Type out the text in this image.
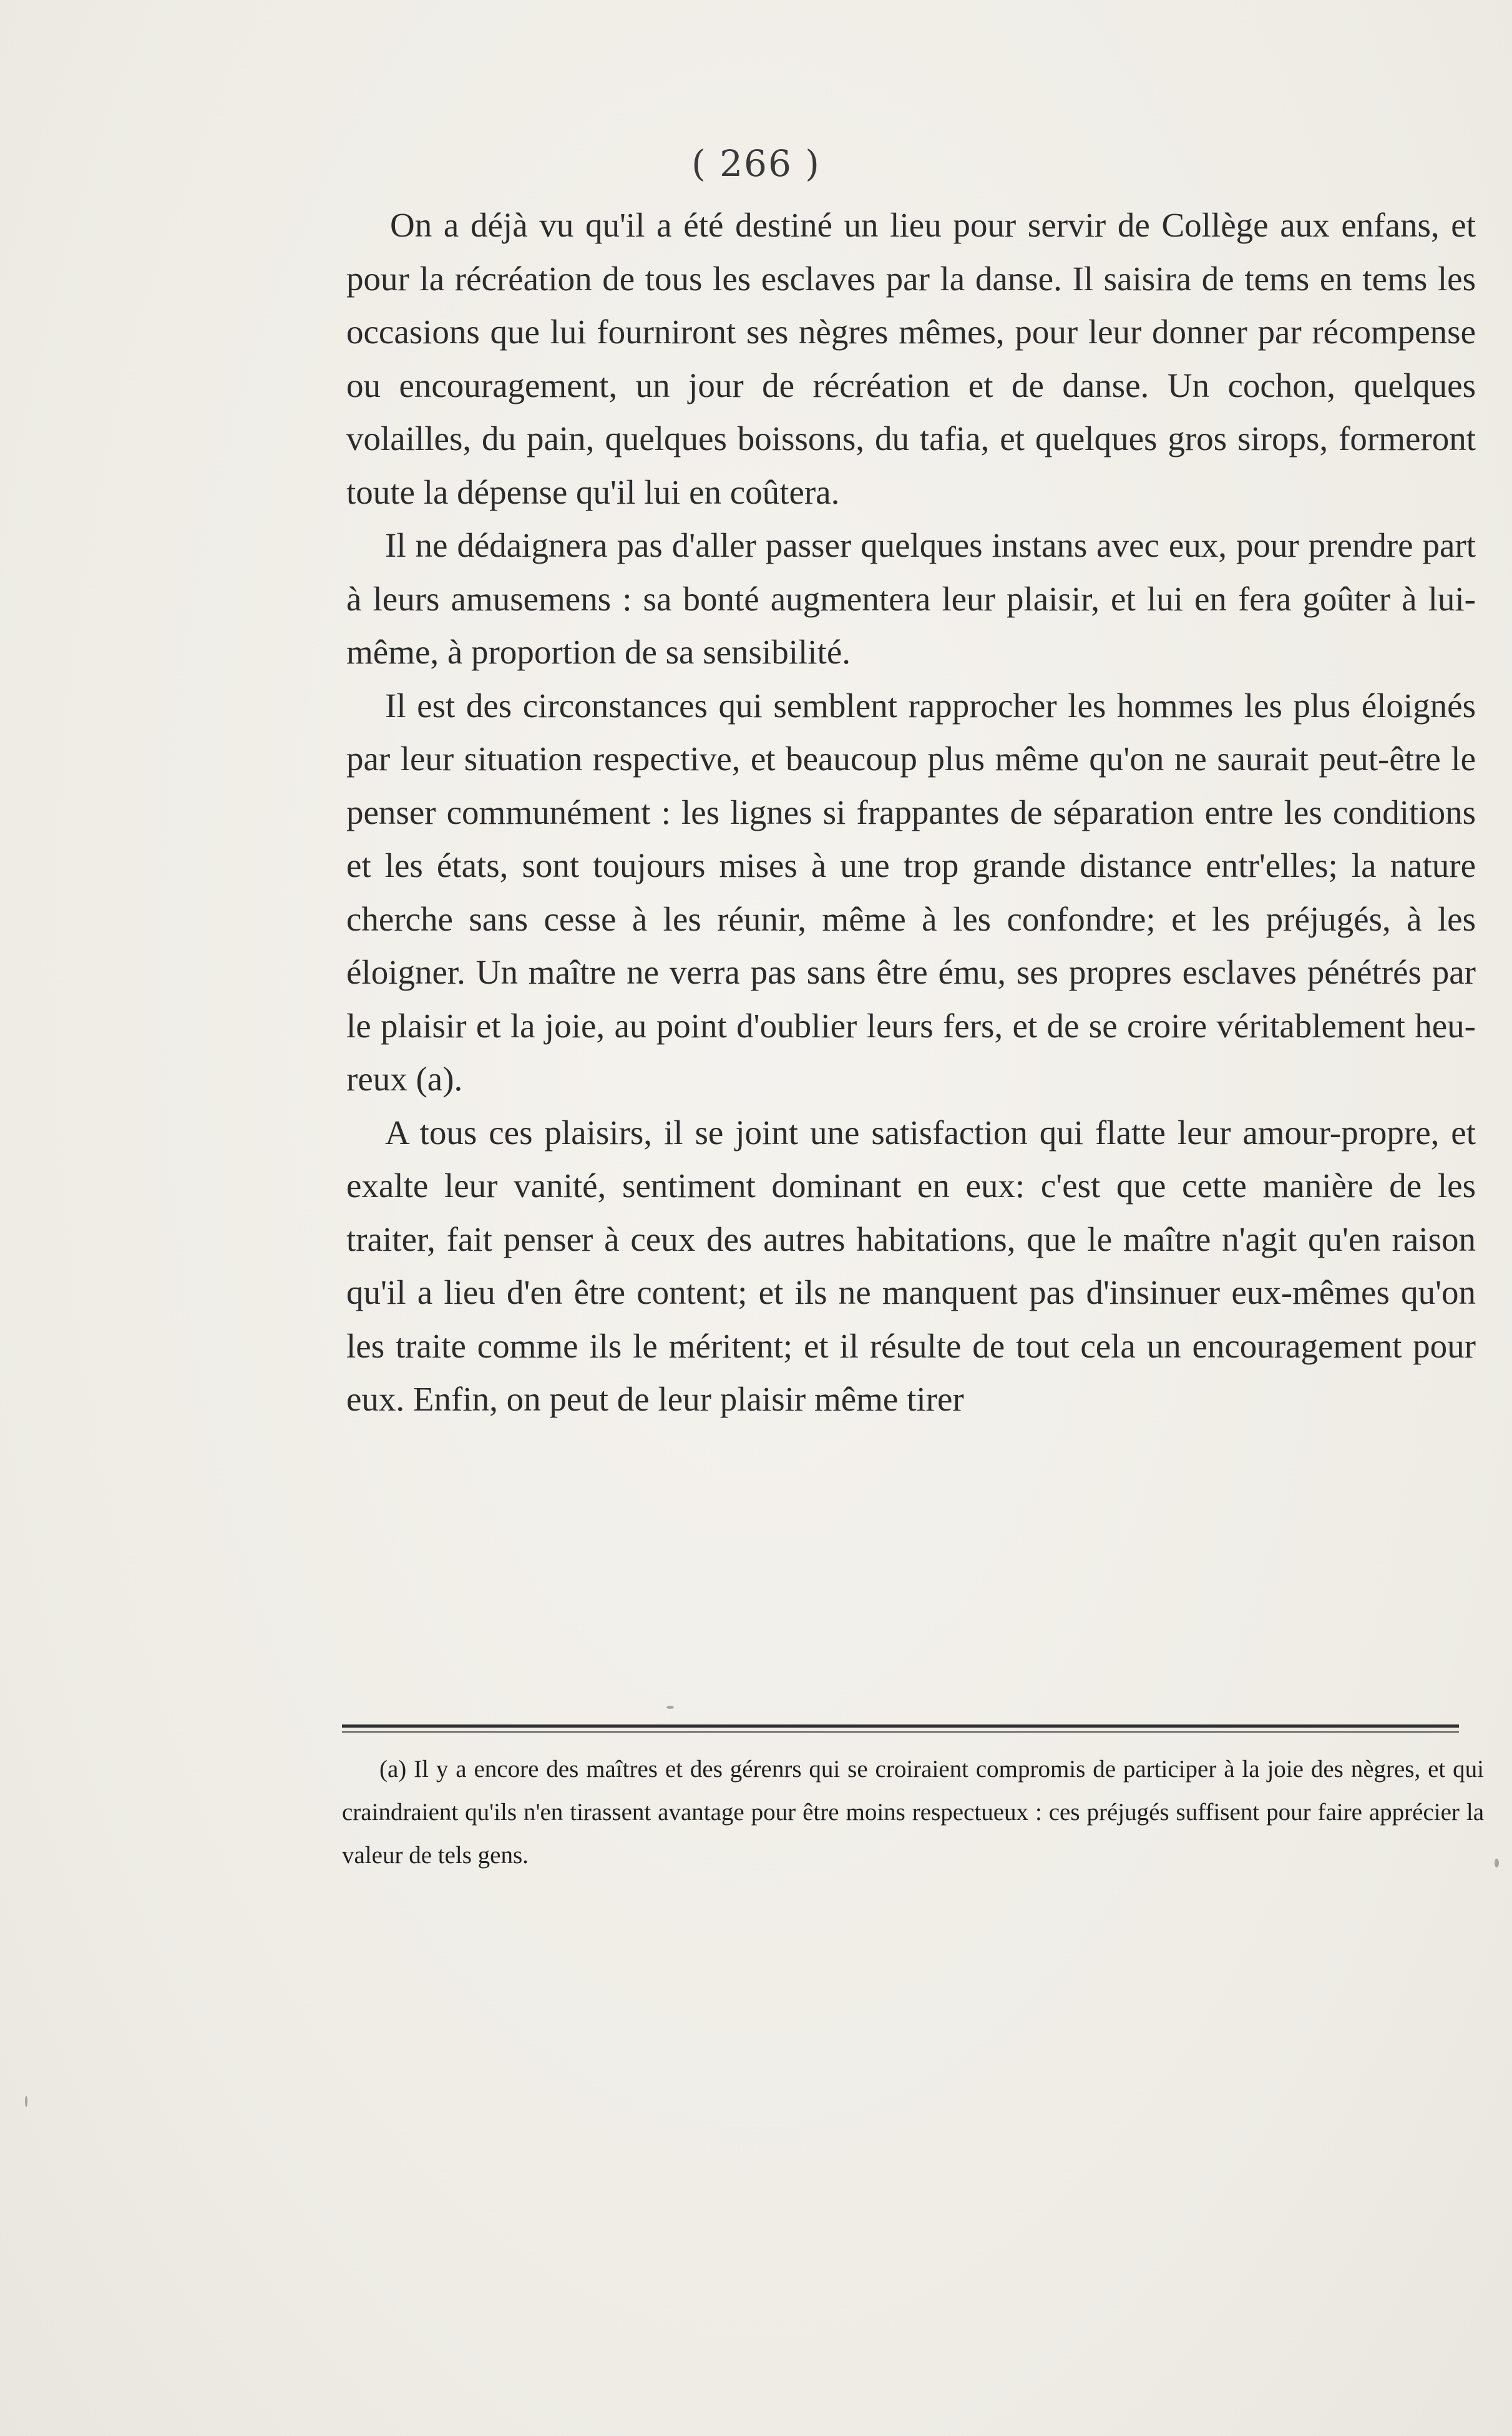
( 266 )

On a déjà vu qu'il a été destiné un lieu pour servir de Collège aux enfans, et pour la récréation de tous les esclaves par la danse. Il saisira de tems en tems les occasions que lui fourniront ses nègres mêmes, pour leur donner par récompense ou encouragement, un jour de récréation et de danse. Un cochon, quelques volailles, du pain, quelques boissons, du tafia, et quelques gros sirops, formeront toute la dépense qu'il lui en coûtera.

Il ne dédaignera pas d'aller passer quelques instans avec eux, pour prendre part à leurs amusemens : sa bonté augmentera leur plaisir, et lui en fera goûter à lui-même, à proportion de sa sensibilité.

Il est des circonstances qui semblent rapprocher les hommes les plus éloignés par leur situation respective, et beaucoup plus même qu'on ne saurait peut-être le penser communément : les lignes si frappantes de séparation entre les conditions et les états, sont toujours mises à une trop grande distance entr'elles; la nature cherche sans cesse à les réunir, même à les confondre; et les préjugés, à les éloigner. Un maître ne verra pas sans être ému, ses propres esclaves pénétrés par le plaisir et la joie, au point d'oublier leurs fers, et de se croire véritablement heureux (a).

A tous ces plaisirs, il se joint une satisfaction qui flatte leur amour-propre, et exalte leur vanité, sentiment dominant en eux: c'est que cette manière de les traiter, fait penser à ceux des autres habitations, que le maître n'agit qu'en raison qu'il a lieu d'en être content; et ils ne manquent pas d'insinuer eux-mêmes qu'on les traite comme ils le méritent; et il résulte de tout cela un encouragement pour eux. Enfin, on peut de leur plaisir même tirer

(a) Il y a encore des maîtres et des gérenrs qui se croiraient compromis de participer à la joie des nègres, et qui craindraient qu'ils n'en tirassent avantage pour être moins respectueux : ces préjugés suffisent pour faire apprécier la valeur de tels gens.
